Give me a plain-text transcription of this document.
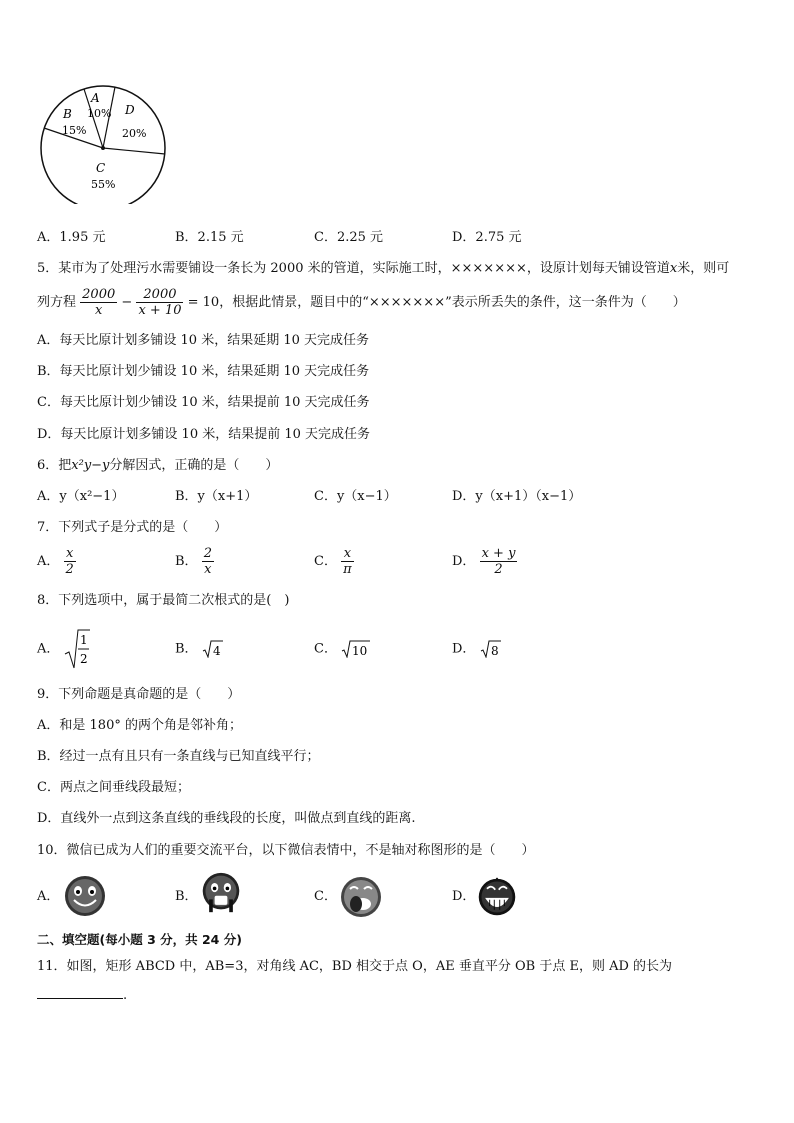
A
10%
B
15%
D
20%
C
55%
A．1.95 元	B．2.15 元	C．2.25 元	D．2.75 元
5．某市为了处理污水需要铺设一条长为 2000 米的管道，实际施工时，×××××××，设原计划每天铺设管道x米，则可
列方程 $\frac{2000}{x} - \frac{2000}{x + 10} = 10$，根据此情景，题目中的“×××××××”表示所丢失的条件，这一条件为（　　）
A．每天比原计划多铺设 10 米，结果延期 10 天完成任务
B．每天比原计划少铺设 10 米，结果延期 10 天完成任务
C．每天比原计划少铺设 10 米，结果提前 10 天完成任务
D．每天比原计划多铺设 10 米，结果提前 10 天完成任务
6．把x²y−y分解因式，正确的是（　　）
A．y（x²−1）	B．y（x+1）	C．y（x−1）	D．y（x+1）（x−1）
7．下列式子是分式的是（　　）
A． $\frac{x}{2}$	B． $\frac{2}{x}$	C． $\frac{x}{\pi}$	D． $\frac{x + y}{2}$
8．下列选项中，属于最简二次根式的是(　)
A．
1
2
B． 4	C． 10	D． 8
9．下列命题是真命题的是（　　）
A．和是 180° 的两个角是邻补角；
B．经过一点有且只有一条直线与已知直线平行；
C．两点之间垂线段最短；
D．直线外一点到这条直线的垂线段的长度，叫做点到直线的距离.
10．微信已成为人们的重要交流平台，以下微信表情中，不是轴对称图形的是（　　）
A．	B．	C．	D．
二、填空题(每小题 3 分，共 24 分)
11．如图，矩形 ABCD 中，AB=3，对角线 AC，BD 相交于点 O，AE 垂直平分 OB 于点 E，则 AD 的长为
.
